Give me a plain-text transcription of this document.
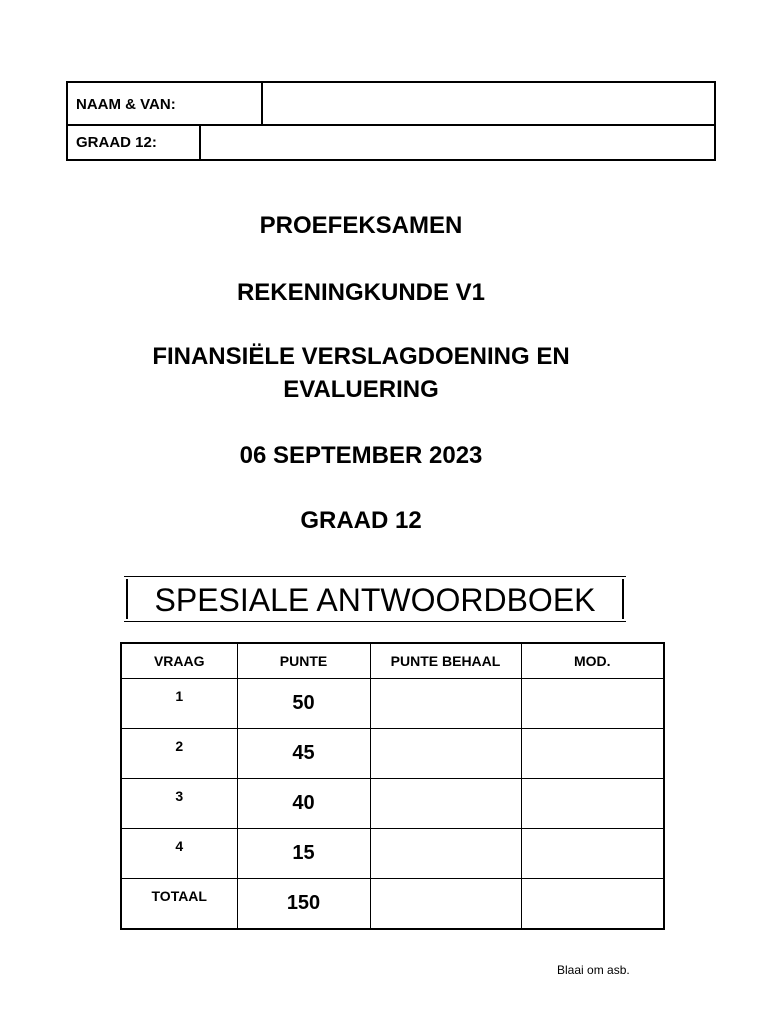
NAAM & VAN:
GRAAD 12:
PROEFEKSAMEN
REKENINGKUNDE V1
FINANSIËLE VERSLAGDOENING EN
EVALUERING
06 SEPTEMBER 2023
GRAAD 12
SPESIALE ANTWOORDBOEK
VRAAG	PUNTE	PUNTE BEHAAL	MOD.
1	50		
2	45		
3	40		
4	15		
TOTAAL	150		
Blaai om asb.
